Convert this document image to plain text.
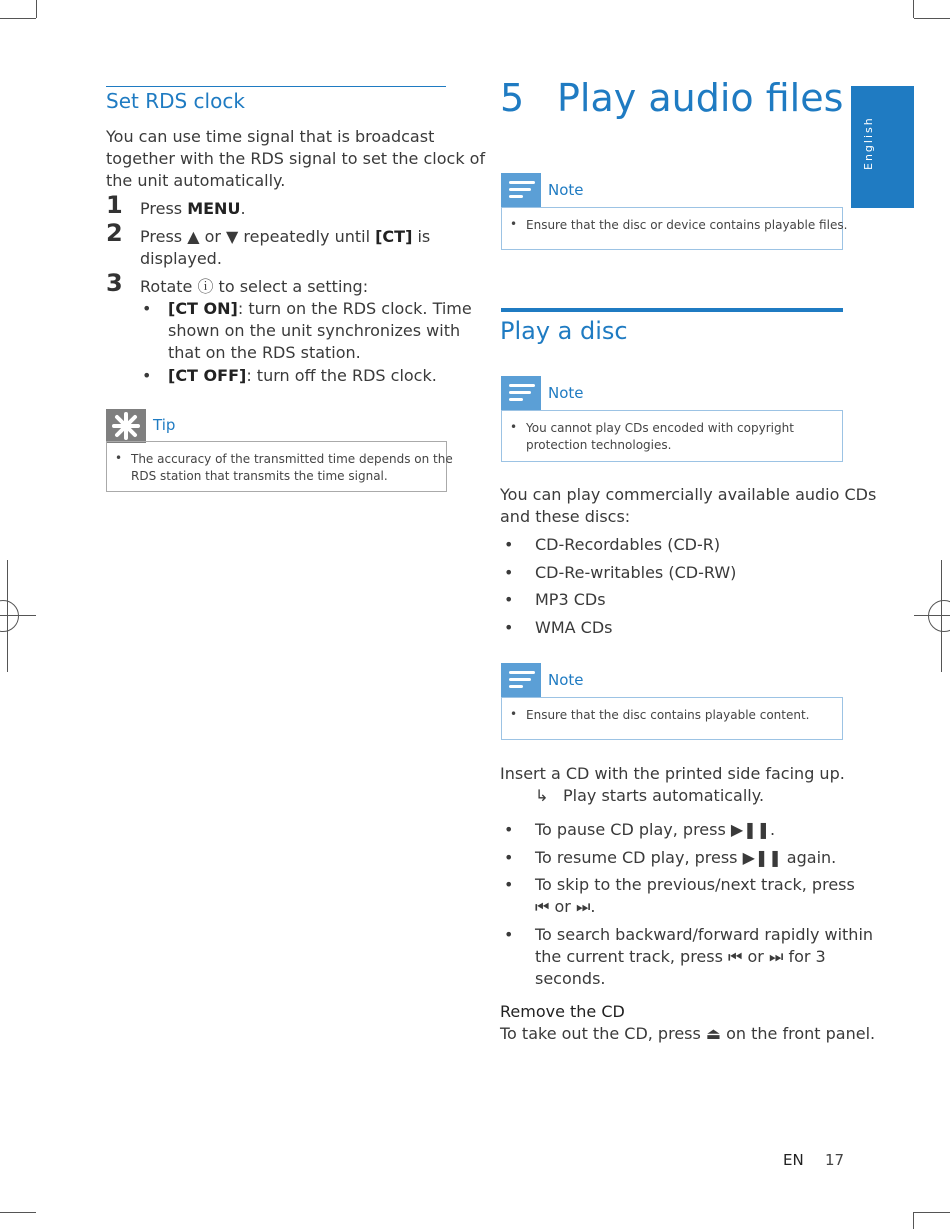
English
Set RDS clock
You can use time signal that is broadcast
together with the RDS signal to set the clock of
the unit automatically.
1 Press MENU.
2 Press ▲ or ▼ repeatedly until [CT] is
displayed.
3 Rotate ⓘ to select a setting:
• [CT ON]: turn on the RDS clock. Time
shown on the unit synchronizes with
that on the RDS station.
• [CT OFF]: turn off the RDS clock.
Tip
• The accuracy of the transmitted time depends on the
RDS station that transmits the time signal.
5 Play audio files
Note
• Ensure that the disc or device contains playable files.
Play a disc
Note
• You cannot play CDs encoded with copyright
protection technologies.
You can play commercially available audio CDs
and these discs:
• CD-Recordables (CD-R)
• CD-Re-writables (CD-RW)
• MP3 CDs
• WMA CDs
Note
• Ensure that the disc contains playable content.
Insert a CD with the printed side facing up.
↳ Play starts automatically.
• To pause CD play, press ▶❚❚.
• To resume CD play, press ▶❚❚ again.
• To skip to the previous/next track, press
⏮ or ⏭.
• To search backward/forward rapidly within
the current track, press ⏮ or ⏭ for 3
seconds.
Remove the CD
To take out the CD, press ⏏ on the front panel.
EN 17
